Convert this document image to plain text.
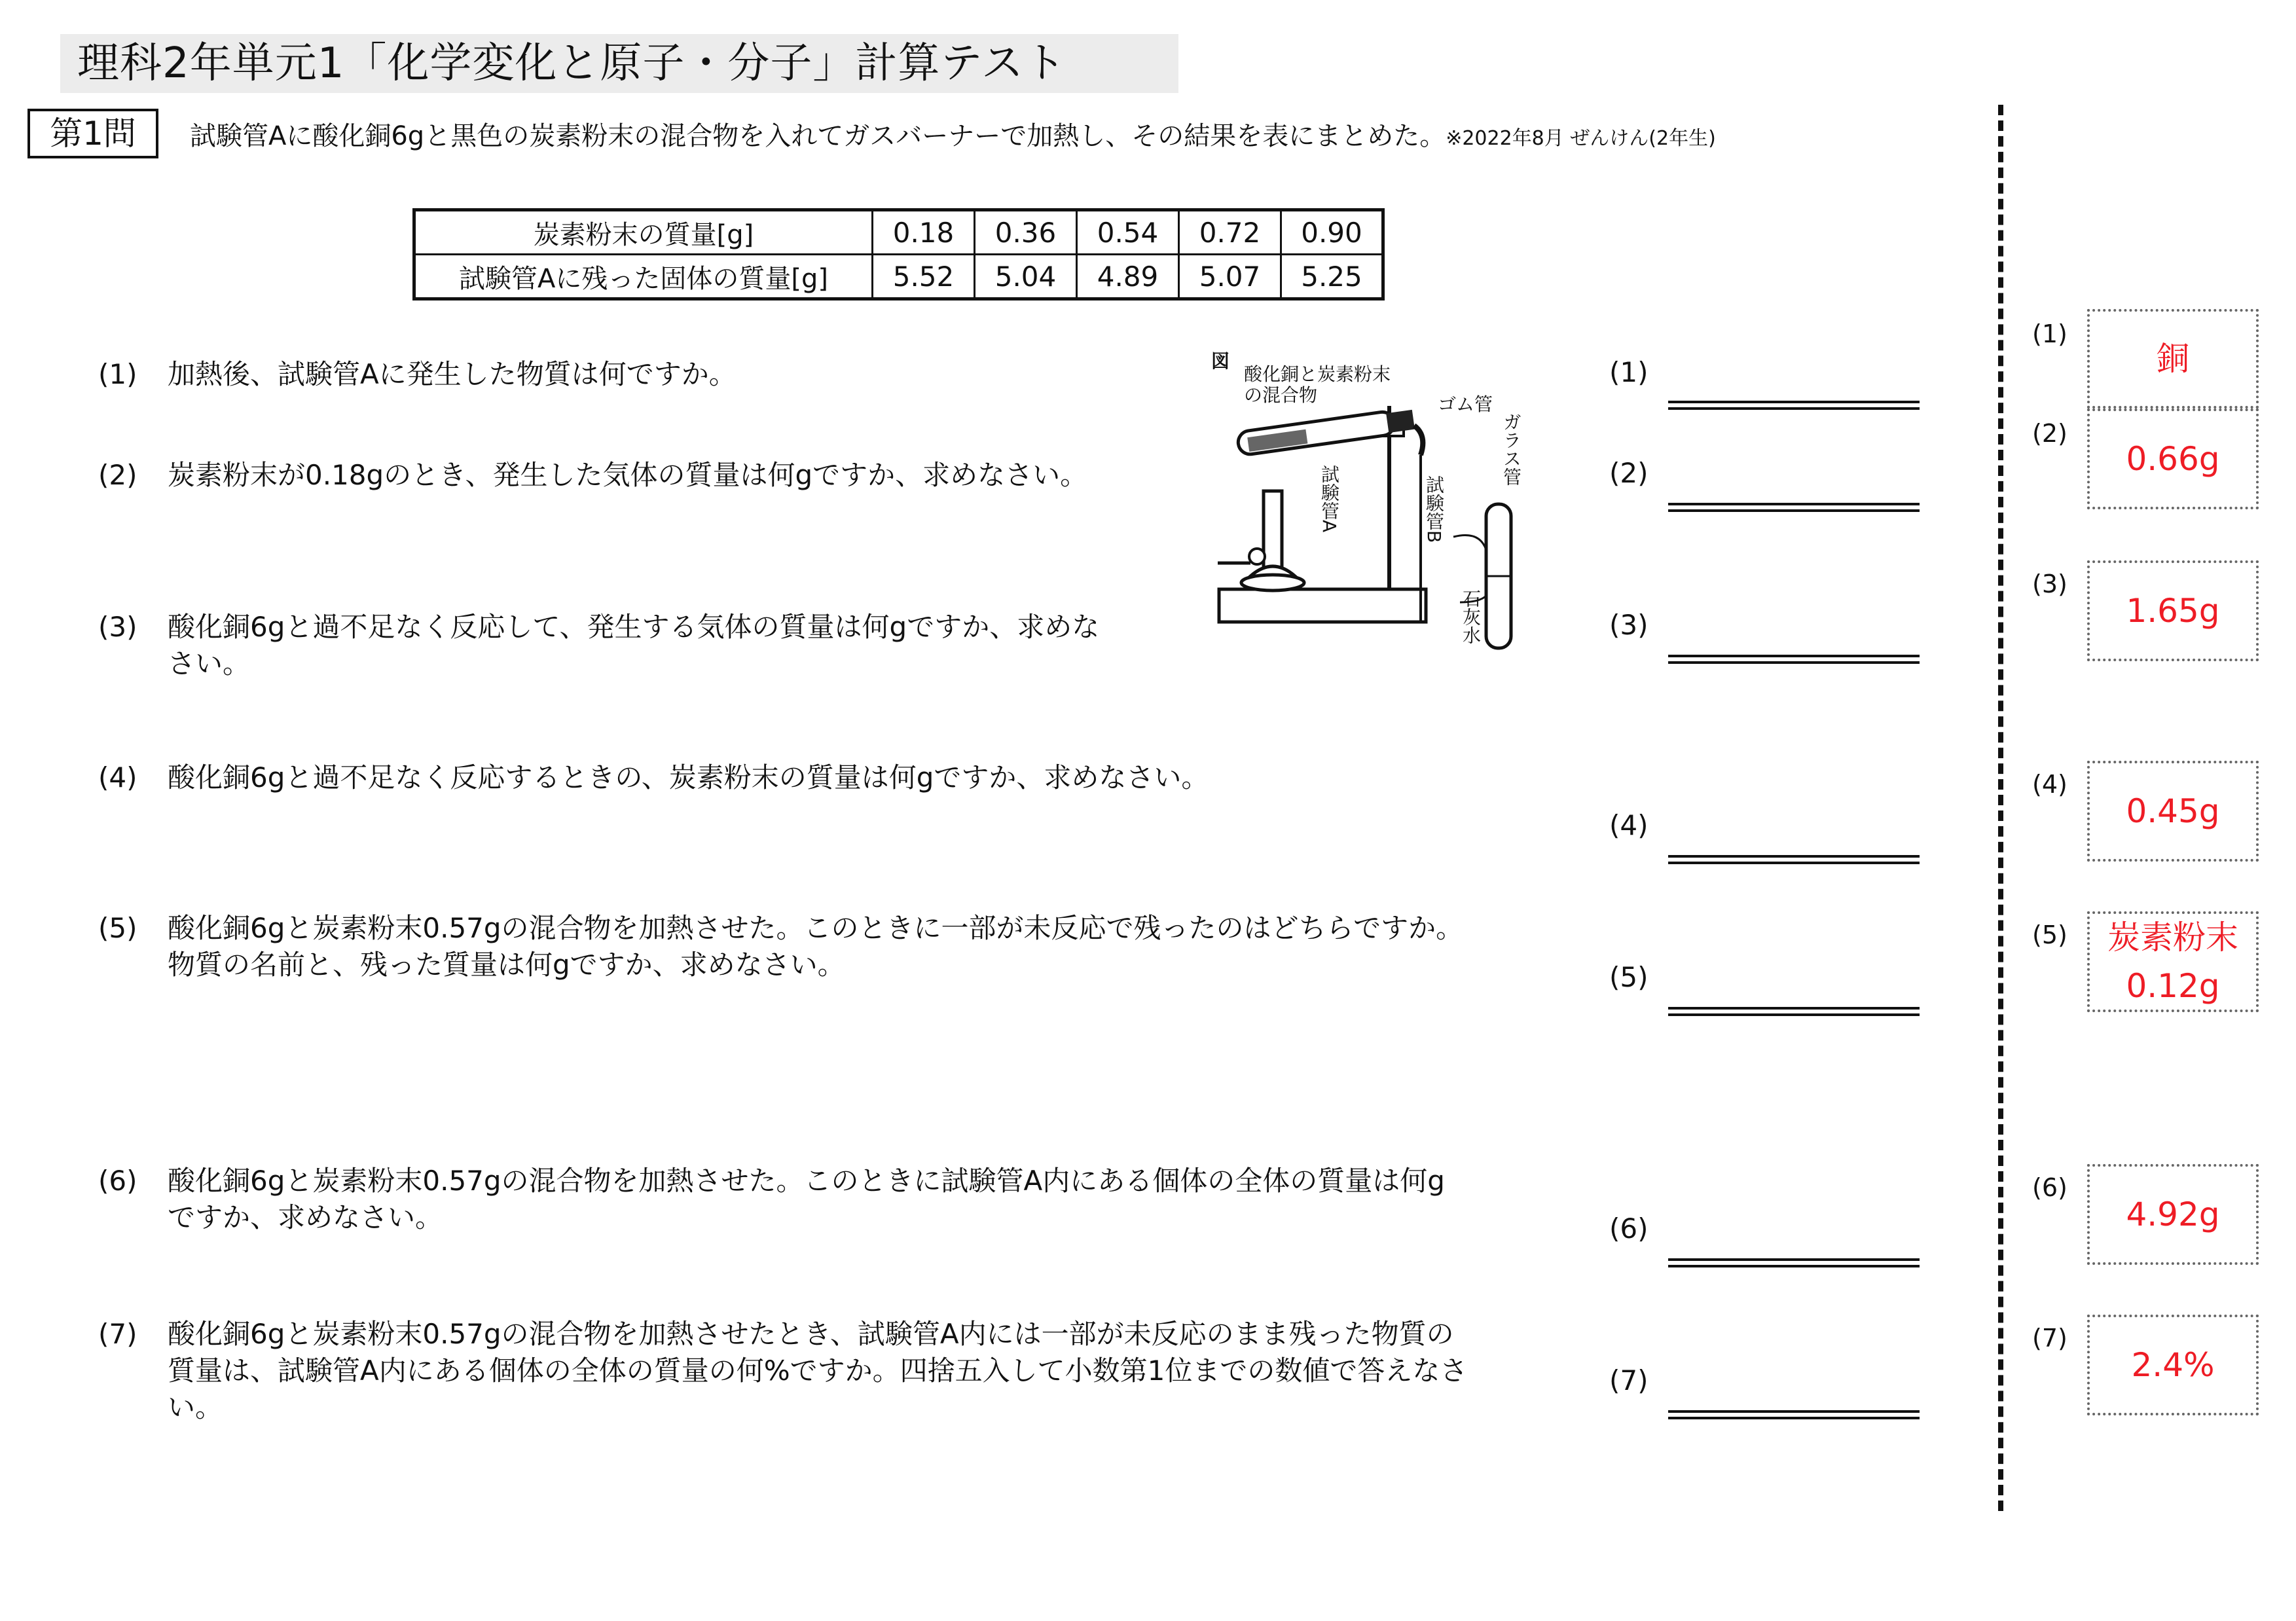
理科2年単元1「化学変化と原子・分子」計算テスト
第1問	試験管Aに酸化銅6gと黒色の炭素粉末の混合物を入れてガスバーナーで加熱し、その結果を表にまとめた。※2022年8月 ぜんけん(2年生)
炭素粉末の質量[g]	0.18	0.36	0.54	0.72	0.90
試験管Aに残った固体の質量[g]	5.52	5.04	4.89	5.07	5.25
(1) 加熱後、試験管Aに発生した物質は何ですか。
(2) 炭素粉末が0.18gのとき、発生した気体の質量は何gですか、求めなさい。
(3) 酸化銅6gと過不足なく反応して、発生する気体の質量は何gですか、求めな
さい。
(4) 酸化銅6gと過不足なく反応するときの、炭素粉末の質量は何gですか、求めなさい。
(5) 酸化銅6gと炭素粉末0.57gの混合物を加熱させた。このときに一部が未反応で残ったのはどちらですか。
物質の名前と、残った質量は何gですか、求めなさい。
(6) 酸化銅6gと炭素粉末0.57gの混合物を加熱させた。このときに試験管A内にある個体の全体の質量は何g
ですか、求めなさい。
(7) 酸化銅6gと炭素粉末0.57gの混合物を加熱させたとき、試験管A内には一部が未反応のまま残った物質の
質量は、試験管A内にある個体の全体の質量の何%ですか。四捨五入して小数第1位までの数値で答えなさ
い。
図
酸化銅と炭素粉末
の混合物
試験管A
ゴム管
ガラス管
試験管B
石灰水
(1)
(2)
(3)
(4)
(5)
(6)
(7)
(1)
銅
(2)
0.66g
(3)
1.65g
(4)
0.45g
(5)	炭素粉末
0.12g
(6)
4.92g
(7)
2.4%
